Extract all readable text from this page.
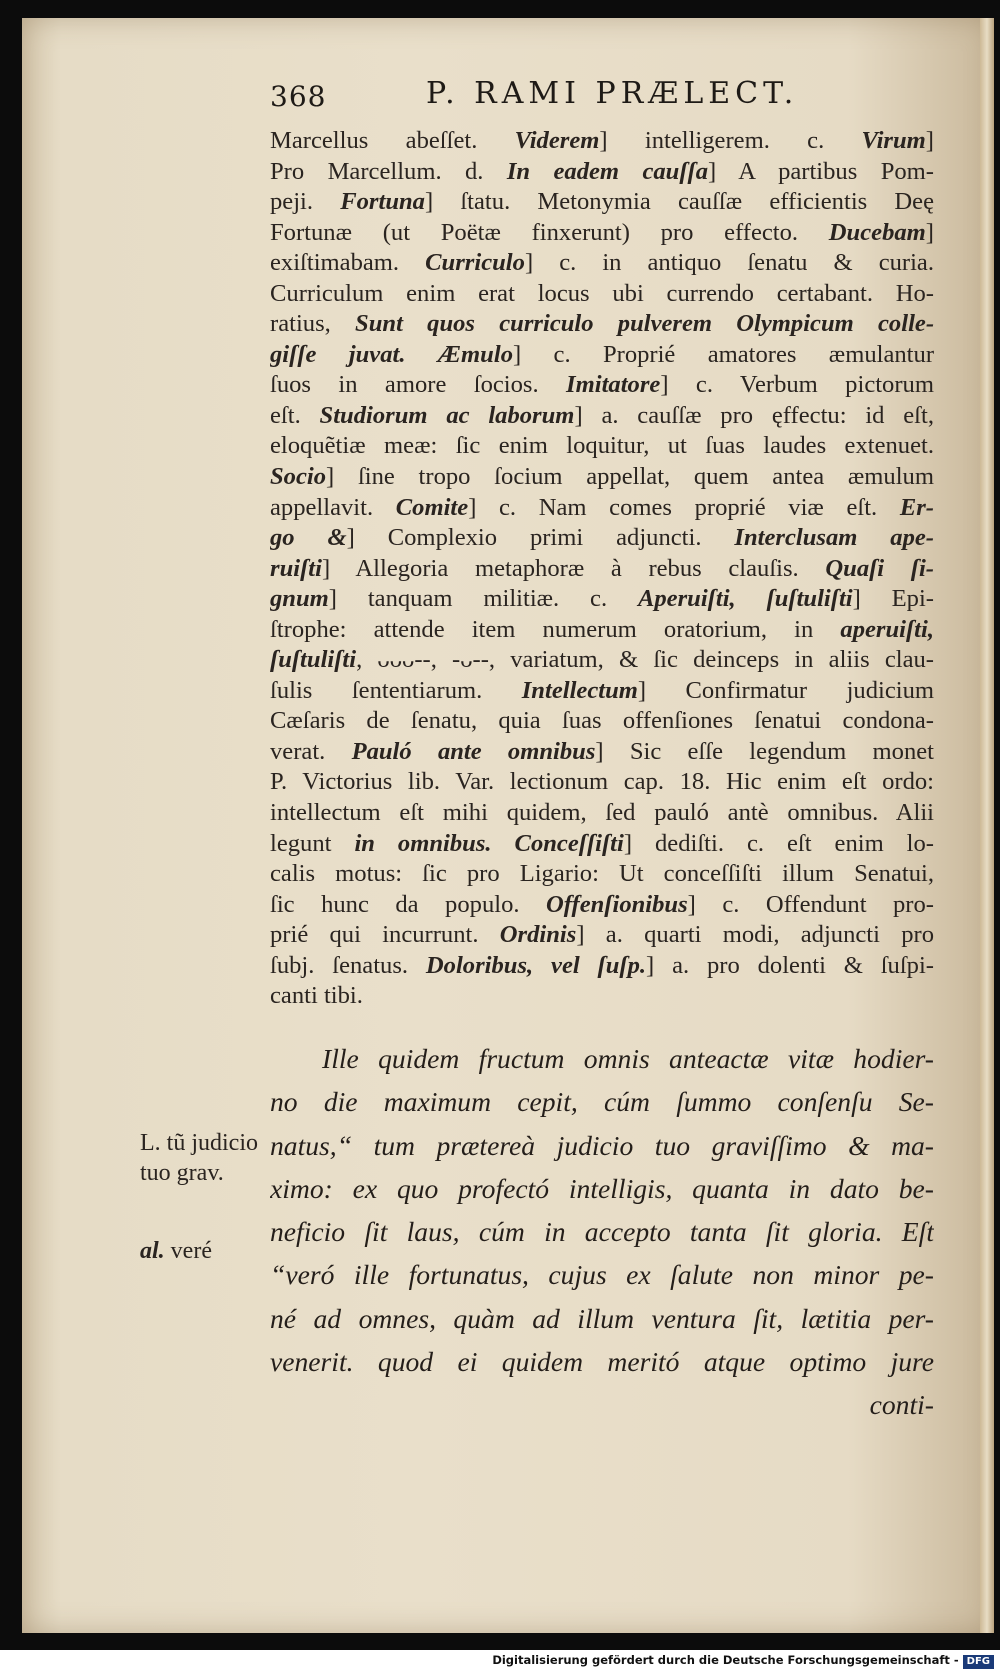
368	P. RAMI PRÆLECT.
Marcellus abeſſet. Viderem] intelligerem. c. Virum]
Pro Marcellum. d. In eadem cauſſa] A partibus Pom-
peji. Fortuna] ſtatu. Metonymia cauſſæ efficientis Deę
Fortunæ (ut Poëtæ finxerunt) pro effecto. Ducebam]
exiſtimabam. Curriculo] c. in antiquo ſenatu & curia.
Curriculum enim erat locus ubi currendo certabant. Ho-
ratius, Sunt quos curriculo pulverem Olympicum colle-
giſſe juvat. Æmulo] c. Proprié amatores æmulantur
ſuos in amore ſocios. Imitatore] c. Verbum pictorum
eſt. Studiorum ac laborum] a. cauſſæ pro ęffectu: id eſt,
eloquẽtiæ meæ: ſic enim loquitur, ut ſuas laudes extenuet.
Socio] ſine tropo ſocium appellat, quem antea æmulum
appellavit. Comite] c. Nam comes proprié viæ eſt. Er-
go &] Complexio primi adjuncti. Interclusam ape-
ruiſti] Allegoria metaphoræ à rebus clauſis. Quaſi ſi-
gnum] tanquam militiæ. c. Aperuiſti, ſuſtuliſti] Epi-
ſtrophe: attende item numerum oratorium, in aperuiſti,
ſuſtuliſti, ᴗᴗᴗ--, -ᴗ--, variatum, & ſic deinceps in aliis clau-
ſulis ſententiarum. Intellectum] Confirmatur judicium
Cæſaris de ſenatu, quia ſuas offenſiones ſenatui condona-
verat. Pauló ante omnibus] Sic eſſe legendum monet
P. Victorius lib. Var. lectionum cap. 18. Hic enim eſt ordo:
intellectum eſt mihi quidem, ſed pauló antè omnibus. Alii
legunt in omnibus. Conceſſiſti] dediſti. c. eſt enim lo-
calis motus: ſic pro Ligario: Ut conceſſiſti illum Senatui,
ſic hunc da populo. Offenſionibus] c. Offendunt pro-
prié qui incurrunt. Ordinis] a. quarti modi, adjuncti pro
ſubj. ſenatus. Doloribus, vel ſuſp.] a. pro dolenti & ſuſpi-
canti tibi.
L. tũ judicio
tuo grav.
al. veré
Ille quidem fructum omnis anteactæ vitæ hodier-
no die maximum cepit, cúm ſummo conſenſu Se-
natus,“ tum prætereà judicio tuo graviſſimo & ma-
ximo: ex quo profectó intelligis, quanta in dato be-
neficio ſit laus, cúm in accepto tanta ſit gloria. Eſt
“veró ille fortunatus, cujus ex ſalute non minor pe-
né ad omnes, quàm ad illum ventura ſit, lætitia per-
venerit. quod ei quidem meritó atque optimo jure
conti-
Digitalisierung gefördert durch die Deutsche Forschungsgemeinschaft - DFG
